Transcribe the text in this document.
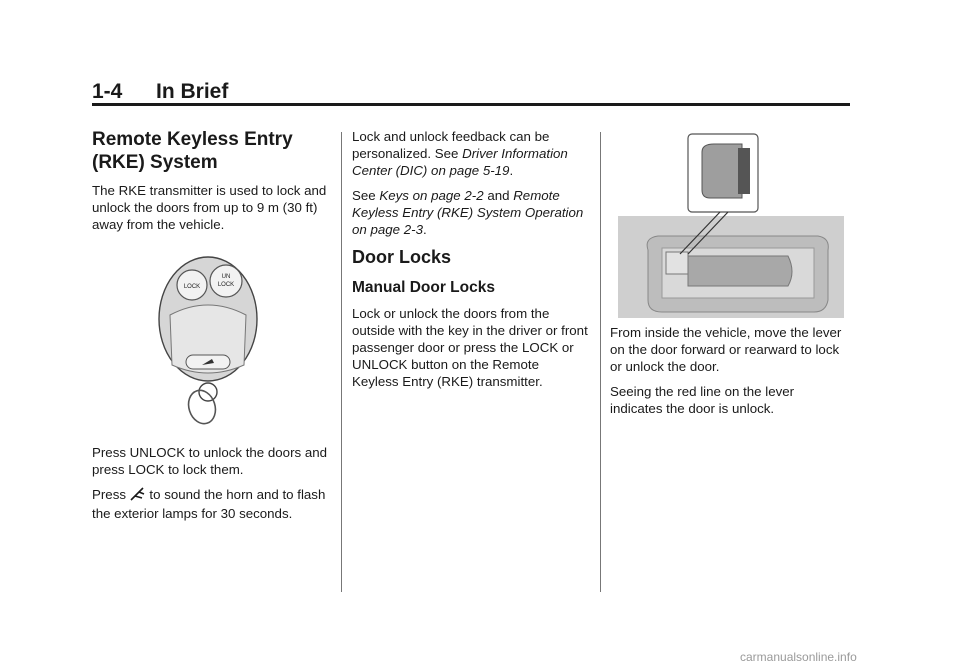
1-4 In Brief
Remote Keyless Entry (RKE) System

The RKE transmitter is used to lock and unlock the doors from up to 9 m (30 ft) away from the vehicle.

LOCK
UN
LOCK

Press UNLOCK to unlock the doors and press LOCK to lock them.

Press to sound the horn and to flash the exterior lamps for 30 seconds.

Lock and unlock feedback can be personalized. See Driver Information Center (DIC) on page 5-19.

See Keys on page 2-2 and Remote Keyless Entry (RKE) System Operation on page 2-3.

Door Locks
Manual Door Locks

Lock or unlock the doors from the outside with the key in the driver or front passenger door or press the LOCK or UNLOCK button on the Remote Keyless Entry (RKE) transmitter.

From inside the vehicle, move the lever on the door forward or rearward to lock or unlock the door.

Seeing the red line on the lever indicates the door is unlock.

carmanualsonline.info
